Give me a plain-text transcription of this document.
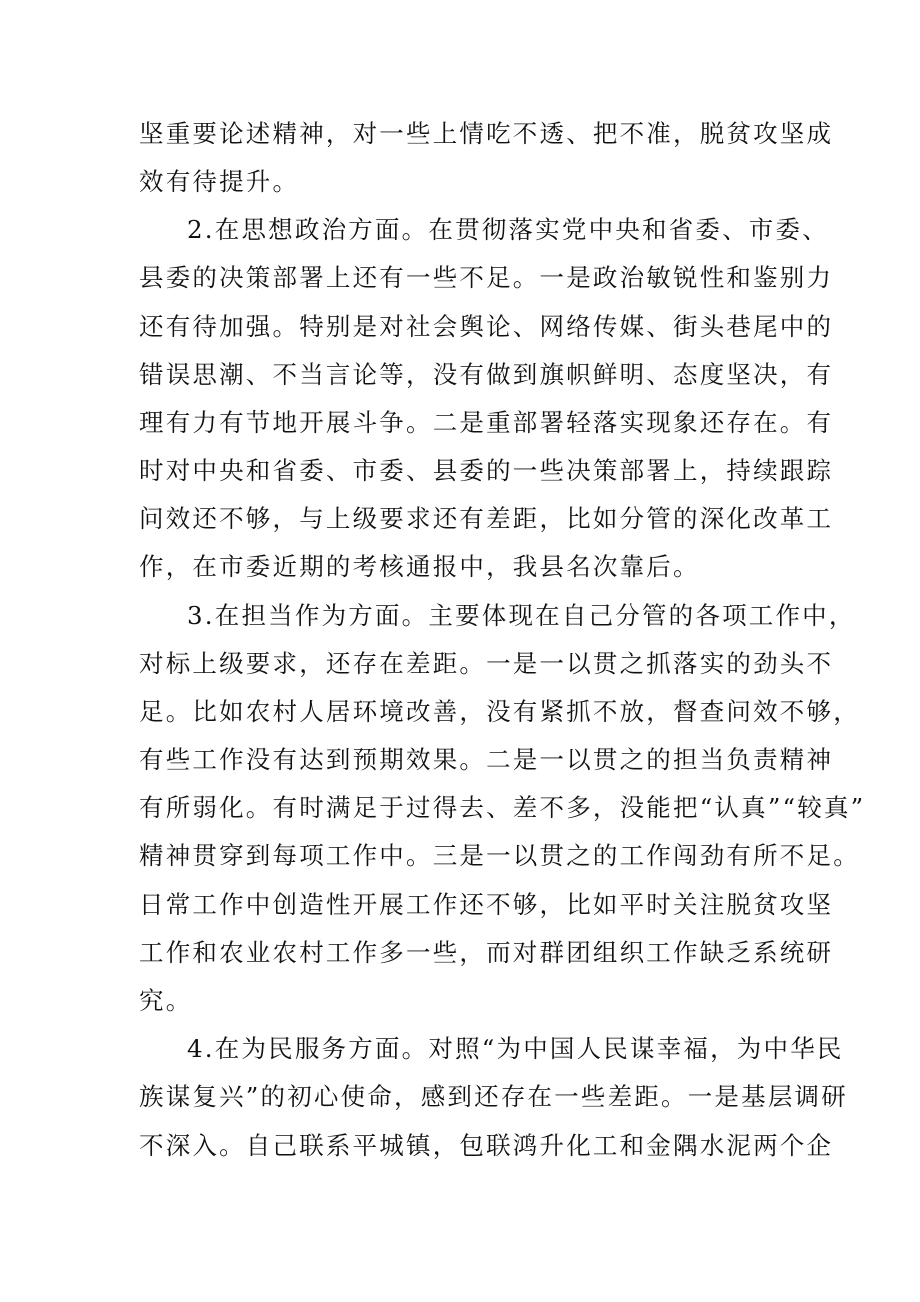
坚重要论述精神，对一些上情吃不透、把不准，脱贫攻坚成
效有待提升。
2.在思想政治方面。在贯彻落实党中央和省委、市委、
县委的决策部署上还有一些不足。一是政治敏锐性和鉴别力
还有待加强。特别是对社会舆论、网络传媒、街头巷尾中的
错误思潮、不当言论等，没有做到旗帜鲜明、态度坚决，有
理有力有节地开展斗争。二是重部署轻落实现象还存在。有
时对中央和省委、市委、县委的一些决策部署上，持续跟踪
问效还不够，与上级要求还有差距，比如分管的深化改革工
作，在市委近期的考核通报中，我县名次靠后。
3.在担当作为方面。主要体现在自己分管的各项工作中，
对标上级要求，还存在差距。一是一以贯之抓落实的劲头不
足。比如农村人居环境改善，没有紧抓不放，督查问效不够，
有些工作没有达到预期效果。二是一以贯之的担当负责精神
有所弱化。有时满足于过得去、差不多，没能把“认真”“较真”
精神贯穿到每项工作中。三是一以贯之的工作闯劲有所不足。
日常工作中创造性开展工作还不够，比如平时关注脱贫攻坚
工作和农业农村工作多一些，而对群团组织工作缺乏系统研
究。
4.在为民服务方面。对照“为中国人民谋幸福，为中华民
族谋复兴”的初心使命，感到还存在一些差距。一是基层调研
不深入。自己联系平城镇，包联鸿升化工和金隅水泥两个企
